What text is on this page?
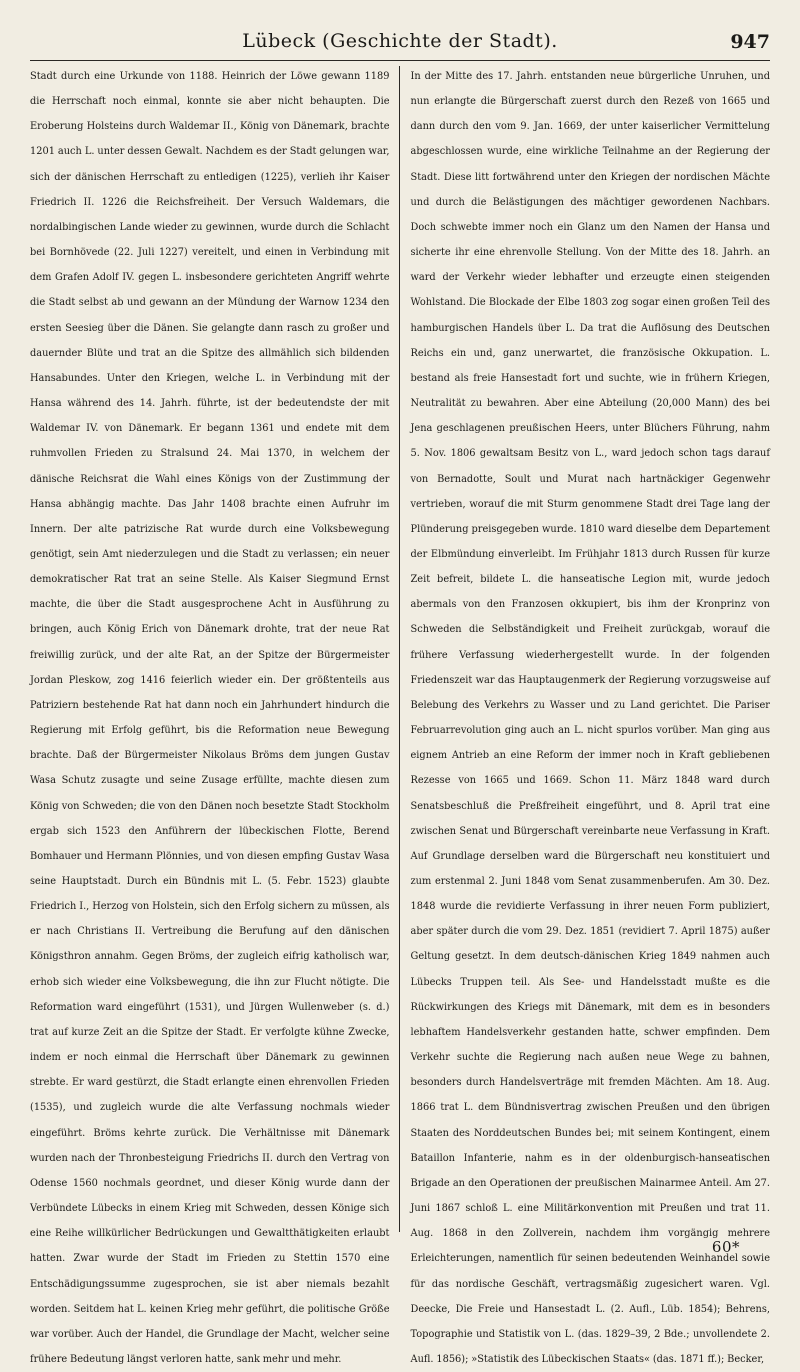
Lübeck (Geschichte der Stadt).	947

Stadt durch eine Urkunde von 1188. Heinrich der Löwe gewann 1189 die Herrschaft noch einmal, konnte sie aber nicht behaupten. Die Eroberung Holsteins durch Waldemar II., König von Dänemark, brachte 1201 auch L. unter dessen Gewalt. Nachdem es der Stadt gelungen war, sich der dänischen Herrschaft zu entledigen (1225), verlieh ihr Kaiser Friedrich II. 1226 die Reichsfreiheit. Der Versuch Waldemars, die nordalbingischen Lande wieder zu gewinnen, wurde durch die Schlacht bei Bornhövede (22. Juli 1227) vereitelt, und einen in Verbindung mit dem Grafen Adolf IV. gegen L. insbesondere gerichteten Angriff wehrte die Stadt selbst ab und gewann an der Mündung der Warnow 1234 den ersten Seesieg über die Dänen. Sie gelangte dann rasch zu großer und dauernder Blüte und trat an die Spitze des allmählich sich bildenden Hansabundes. Unter den Kriegen, welche L. in Verbindung mit der Hansa während des 14. Jahrh. führte, ist der bedeutendste der mit Waldemar IV. von Dänemark. Er begann 1361 und endete mit dem ruhmvollen Frieden zu Stralsund 24. Mai 1370, in welchem der dänische Reichsrat die Wahl eines Königs von der Zustimmung der Hansa abhängig machte. Das Jahr 1408 brachte einen Aufruhr im Innern. Der alte patrizische Rat wurde durch eine Volksbewegung genötigt, sein Amt niederzulegen und die Stadt zu verlassen; ein neuer demokratischer Rat trat an seine Stelle. Als Kaiser Siegmund Ernst machte, die über die Stadt ausgesprochene Acht in Ausführung zu bringen, auch König Erich von Dänemark drohte, trat der neue Rat freiwillig zurück, und der alte Rat, an der Spitze der Bürgermeister Jordan Pleskow, zog 1416 feierlich wieder ein. Der größtenteils aus Patriziern bestehende Rat hat dann noch ein Jahrhundert hindurch die Regierung mit Erfolg geführt, bis die Reformation neue Bewegung brachte. Daß der Bürgermeister Nikolaus Bröms dem jungen Gustav Wasa Schutz zusagte und seine Zusage erfüllte, machte diesen zum König von Schweden; die von den Dänen noch besetzte Stadt Stockholm ergab sich 1523 den Anführern der lübeckischen Flotte, Berend Bomhauer und Hermann Plönnies, und von diesen empfing Gustav Wasa seine Hauptstadt. Durch ein Bündnis mit L. (5. Febr. 1523) glaubte Friedrich I., Herzog von Holstein, sich den Erfolg sichern zu müssen, als er nach Christians II. Vertreibung die Berufung auf den dänischen Königsthron annahm. Gegen Bröms, der zugleich eifrig katholisch war, erhob sich wieder eine Volksbewegung, die ihn zur Flucht nötigte. Die Reformation ward eingeführt (1531), und Jürgen Wullenweber (s. d.) trat auf kurze Zeit an die Spitze der Stadt. Er verfolgte kühne Zwecke, indem er noch einmal die Herrschaft über Dänemark zu gewinnen strebte. Er ward gestürzt, die Stadt erlangte einen ehrenvollen Frieden (1535), und zugleich wurde die alte Verfassung nochmals wieder eingeführt. Bröms kehrte zurück. Die Verhältnisse mit Dänemark wurden nach der Thronbesteigung Friedrichs II. durch den Vertrag von Odense 1560 nochmals geordnet, und dieser König wurde dann der Verbündete Lübecks in einem Krieg mit Schweden, dessen Könige sich eine Reihe willkürlicher Bedrückungen und Gewaltthätigkeiten erlaubt hatten. Zwar wurde der Stadt im Frieden zu Stettin 1570 eine Entschädigungssumme zugesprochen, sie ist aber niemals bezahlt worden. Seitdem hat L. keinen Krieg mehr geführt, die politische Größe war vorüber. Auch der Handel, die Grundlage der Macht, welcher seine frühere Bedeutung längst verloren hatte, sank mehr und mehr.

In der Mitte des 17. Jahrh. entstanden neue bürgerliche Unruhen, und nun erlangte die Bürgerschaft zuerst durch den Rezeß von 1665 und dann durch den vom 9. Jan. 1669, der unter kaiserlicher Vermittelung abgeschlossen wurde, eine wirkliche Teilnahme an der Regierung der Stadt. Diese litt fortwährend unter den Kriegen der nordischen Mächte und durch die Belästigungen des mächtiger gewordenen Nachbars. Doch schwebte immer noch ein Glanz um den Namen der Hansa und sicherte ihr eine ehrenvolle Stellung. Von der Mitte des 18. Jahrh. an ward der Verkehr wieder lebhafter und erzeugte einen steigenden Wohlstand. Die Blockade der Elbe 1803 zog sogar einen großen Teil des hamburgischen Handels über L. Da trat die Auflösung des Deutschen Reichs ein und, ganz unerwartet, die französische Okkupation. L. bestand als freie Hansestadt fort und suchte, wie in frühern Kriegen, Neutralität zu bewahren. Aber eine Abteilung (20,000 Mann) des bei Jena geschlagenen preußischen Heers, unter Blüchers Führung, nahm 5. Nov. 1806 gewaltsam Besitz von L., ward jedoch schon tags darauf von Bernadotte, Soult und Murat nach hartnäckiger Gegenwehr vertrieben, worauf die mit Sturm genommene Stadt drei Tage lang der Plünderung preisgegeben wurde. 1810 ward dieselbe dem Departement der Elbmündung einverleibt. Im Frühjahr 1813 durch Russen für kurze Zeit befreit, bildete L. die hanseatische Legion mit, wurde jedoch abermals von den Franzosen okkupiert, bis ihm der Kronprinz von Schweden die Selbständigkeit und Freiheit zurückgab, worauf die frühere Verfassung wiederhergestellt wurde. In der folgenden Friedenszeit war das Hauptaugenmerk der Regierung vorzugsweise auf Belebung des Verkehrs zu Wasser und zu Land gerichtet. Die Pariser Februarrevolution ging auch an L. nicht spurlos vorüber. Man ging aus eignem Antrieb an eine Reform der immer noch in Kraft gebliebenen Rezesse von 1665 und 1669. Schon 11. März 1848 ward durch Senatsbeschluß die Preßfreiheit eingeführt, und 8. April trat eine zwischen Senat und Bürgerschaft vereinbarte neue Verfassung in Kraft. Auf Grundlage derselben ward die Bürgerschaft neu konstituiert und zum erstenmal 2. Juni 1848 vom Senat zusammenberufen. Am 30. Dez. 1848 wurde die revidierte Verfassung in ihrer neuen Form publiziert, aber später durch die vom 29. Dez. 1851 (revidiert 7. April 1875) außer Geltung gesetzt. In dem deutsch-dänischen Krieg 1849 nahmen auch Lübecks Truppen teil. Als See- und Handelsstadt mußte es die Rückwirkungen des Kriegs mit Dänemark, mit dem es in besonders lebhaftem Handelsverkehr gestanden hatte, schwer empfinden. Dem Verkehr suchte die Regierung nach außen neue Wege zu bahnen, besonders durch Handelsverträge mit fremden Mächten. Am 18. Aug. 1866 trat L. dem Bündnisvertrag zwischen Preußen und den übrigen Staaten des Norddeutschen Bundes bei; mit seinem Kontingent, einem Bataillon Infanterie, nahm es in der oldenburgisch-hanseatischen Brigade an den Operationen der preußischen Mainarmee Anteil. Am 27. Juni 1867 schloß L. eine Militärkonvention mit Preußen und trat 11. Aug. 1868 in den Zollverein, nachdem ihm vorgängig mehrere Erleichterungen, namentlich für seinen bedeutenden Weinhandel sowie für das nordische Geschäft, vertragsmäßig zugesichert waren. Vgl. Deecke, Die Freie und Hansestadt L. (2. Aufl., Lüb. 1854); Behrens, Topographie und Statistik von L. (das. 1829–39, 2 Bde.; unvollendete 2. Aufl. 1856); »Statistik des Lübeckischen Staats« (das. 1871 ff.); Becker,

60*
